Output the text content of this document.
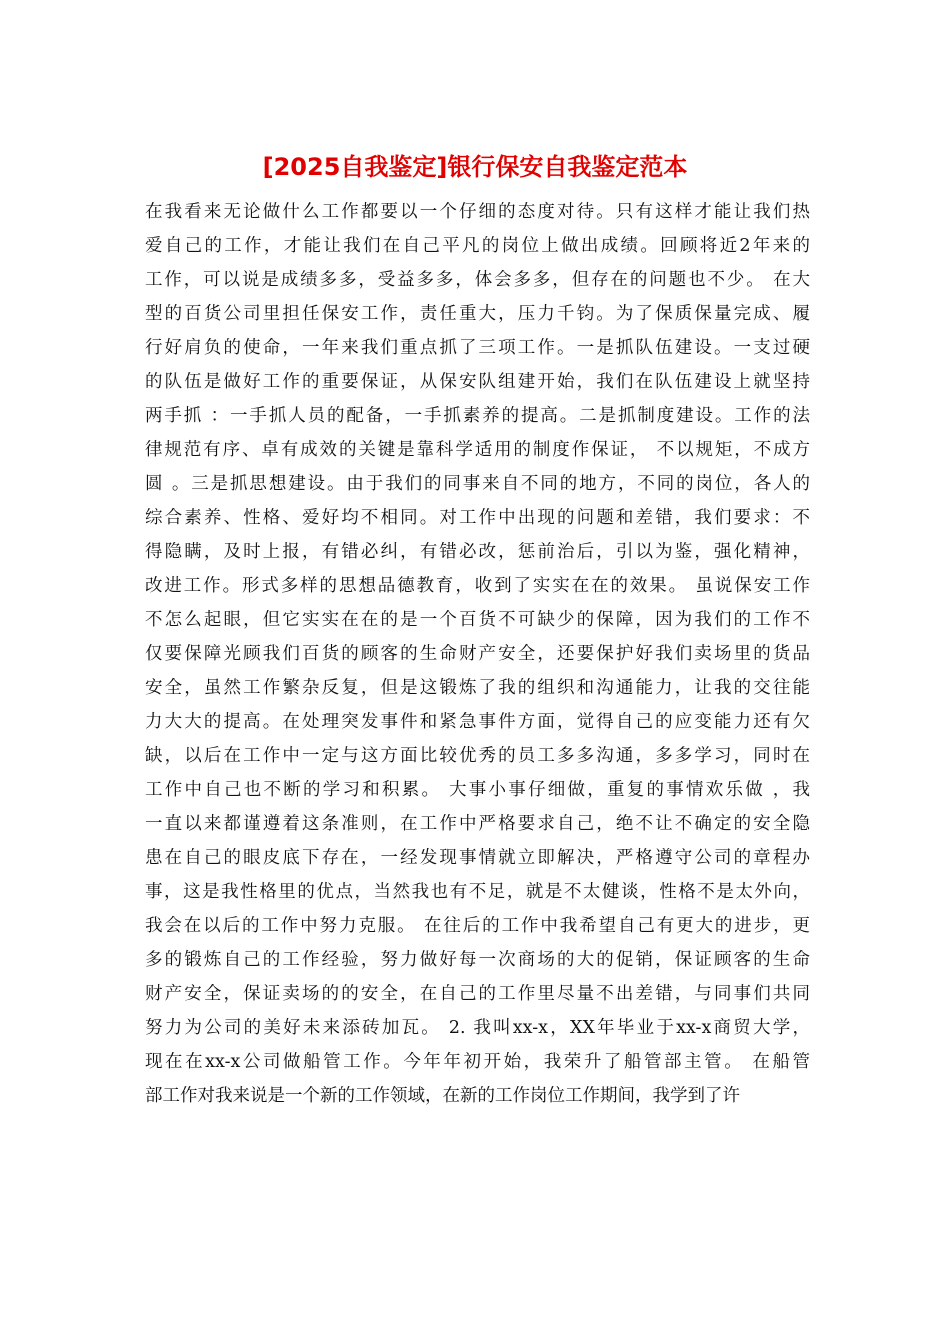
[2025自我鉴定]银行保安自我鉴定范本
在我看来无论做什么工作都要以一个仔细的态度对待。只有这样才能让我们热
爱自己的工作，才能让我们在自己平凡的岗位上做出成绩。回顾将近2年来的
工作，可以说是成绩多多，受益多多，体会多多，但存在的问题也不少。 在大
型的百货公司里担任保安工作，责任重大，压力千钧。为了保质保量完成、履
行好肩负的使命，一年来我们重点抓了三项工作。一是抓队伍建设。一支过硬
的队伍是做好工作的重要保证，从保安队组建开始，我们在队伍建设上就坚持
两手抓 ：一手抓人员的配备，一手抓素养的提高。二是抓制度建设。工作的法
律规范有序、卓有成效的关键是靠科学适用的制度作保证， 不以规矩，不成方
圆 。三是抓思想建设。由于我们的同事来自不同的地方，不同的岗位，各人的
综合素养、性格、爱好均不相同。对工作中出现的问题和差错，我们要求：不
得隐瞒，及时上报，有错必纠，有错必改，惩前治后，引以为鉴，强化精神，
改进工作。形式多样的思想品德教育，收到了实实在在的效果。 虽说保安工作
不怎么起眼，但它实实在在的是一个百货不可缺少的保障，因为我们的工作不
仅要保障光顾我们百货的顾客的生命财产安全，还要保护好我们卖场里的货品
安全，虽然工作繁杂反复，但是这锻炼了我的组织和沟通能力，让我的交往能
力大大的提高。在处理突发事件和紧急事件方面，觉得自己的应变能力还有欠
缺，以后在工作中一定与这方面比较优秀的员工多多沟通，多多学习，同时在
工作中自己也不断的学习和积累。 大事小事仔细做，重复的事情欢乐做 ，我
一直以来都谨遵着这条准则，在工作中严格要求自己，绝不让不确定的安全隐
患在自己的眼皮底下存在，一经发现事情就立即解决，严格遵守公司的章程办
事，这是我性格里的优点，当然我也有不足，就是不太健谈，性格不是太外向，
我会在以后的工作中努力克服。 在往后的工作中我希望自己有更大的进步，更
多的锻炼自己的工作经验，努力做好每一次商场的大的促销，保证顾客的生命
财产安全，保证卖场的的安全，在自己的工作里尽量不出差错，与同事们共同
努力为公司的美好未来添砖加瓦。 2. 我叫xx-x，XX年毕业于xx-x商贸大学，
现在在xx-x公司做船管工作。今年年初开始，我荣升了船管部主管。 在船管
部工作对我来说是一个新的工作领域，在新的工作岗位工作期间，我学到了许
